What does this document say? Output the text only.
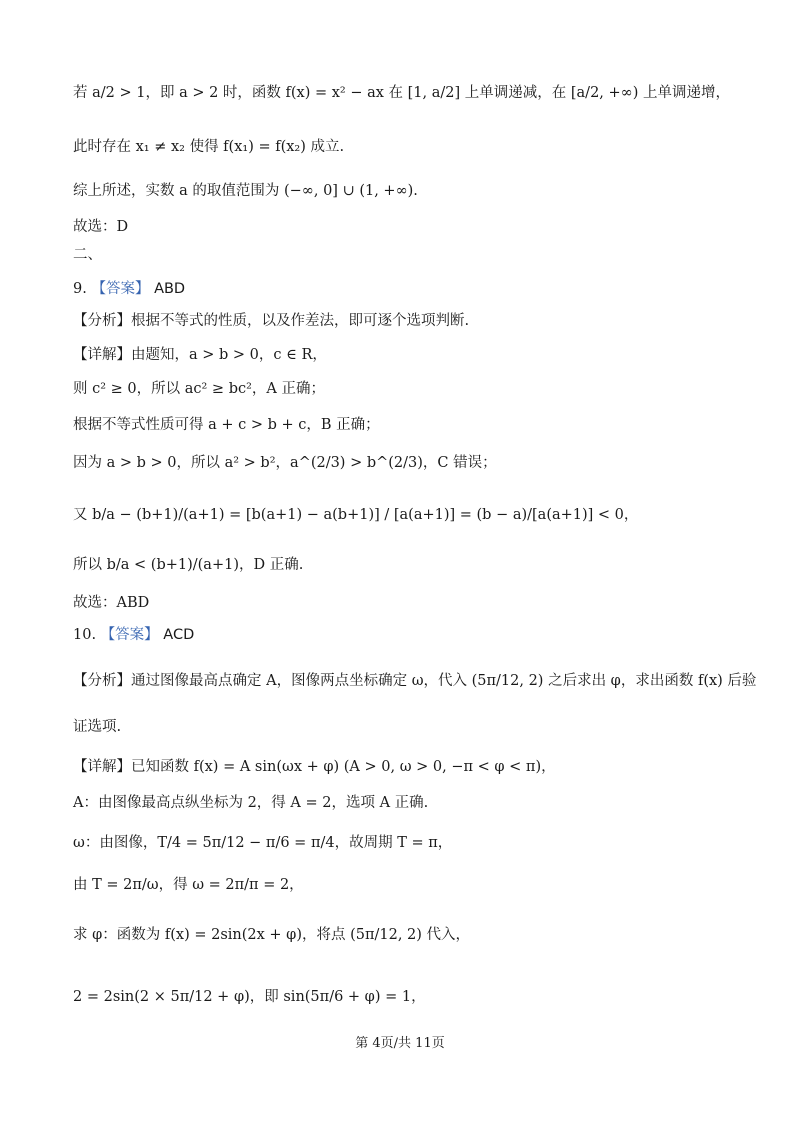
若 a/2 > 1，即 a > 2 时，函数 f(x) = x² − ax 在 [1, a/2] 上单调递减，在 [a/2, +∞) 上单调递增，
此时存在 x₁ ≠ x₂ 使得 f(x₁) = f(x₂) 成立.
综上所述，实数 a 的取值范围为 (−∞, 0] ∪ (1, +∞).
故选：D
二、
9. 【答案】 ABD
【分析】根据不等式的性质，以及作差法，即可逐个选项判断.
【详解】由题知，a > b > 0，c ∈ R，
则 c² ≥ 0，所以 ac² ≥ bc²，A 正确；
根据不等式性质可得 a + c > b + c，B 正确；
因为 a > b > 0，所以 a² > b²，a^(2/3) > b^(2/3)，C 错误；
又 b/a − (b+1)/(a+1) = [b(a+1) − a(b+1)] / [a(a+1)] = (b − a)/[a(a+1)] < 0，
所以 b/a < (b+1)/(a+1)，D 正确.
故选：ABD
10. 【答案】 ACD
【分析】通过图像最高点确定 A，图像两点坐标确定 ω，代入 (5π/12, 2) 之后求出 φ，求出函数 f(x) 后验
证选项.
【详解】已知函数 f(x) = A sin(ωx + φ) (A > 0, ω > 0, −π < φ < π)，
A：由图像最高点纵坐标为 2，得 A = 2，选项 A 正确.
ω：由图像，T/4 = 5π/12 − π/6 = π/4，故周期 T = π，
由 T = 2π/ω，得 ω = 2π/π = 2，
求 φ：函数为 f(x) = 2sin(2x + φ)，将点 (5π/12, 2) 代入，
2 = 2sin(2 × 5π/12 + φ)，即 sin(5π/6 + φ) = 1，
第 4页/共 11页
